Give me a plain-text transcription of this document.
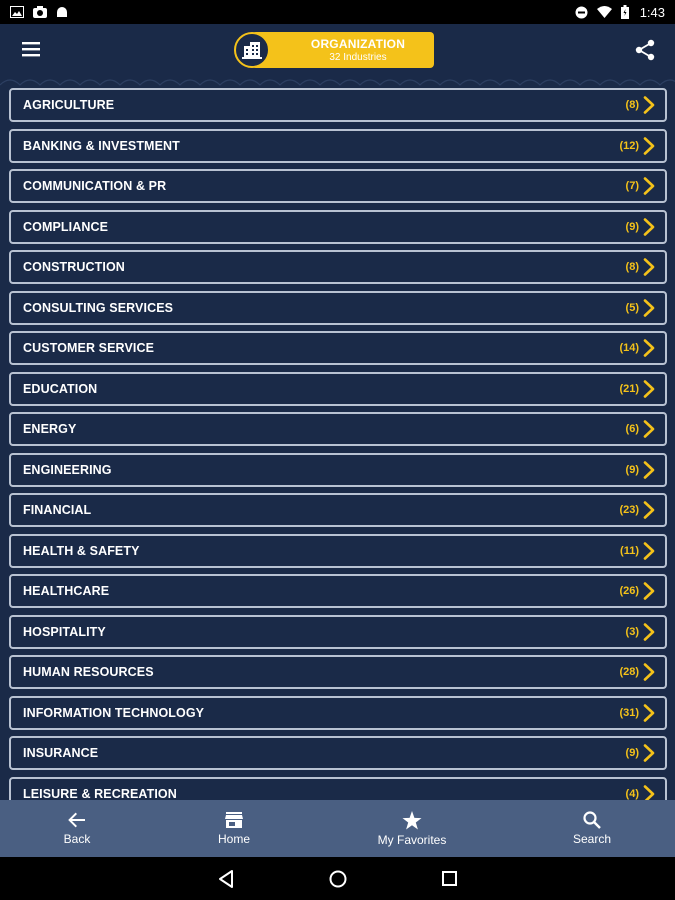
1:43
ORGANIZATION
32 Industries
AGRICULTURE	(8)
BANKING & INVESTMENT	(12)
COMMUNICATION & PR	(7)
COMPLIANCE	(9)
CONSTRUCTION	(8)
CONSULTING SERVICES	(5)
CUSTOMER SERVICE	(14)
EDUCATION	(21)
ENERGY	(6)
ENGINEERING	(9)
FINANCIAL	(23)
HEALTH & SAFETY	(11)
HEALTHCARE	(26)
HOSPITALITY	(3)
HUMAN RESOURCES	(28)
INFORMATION TECHNOLOGY	(31)
INSURANCE	(9)
LEISURE & RECREATION	(4)
Back	Home	My Favorites	Search
